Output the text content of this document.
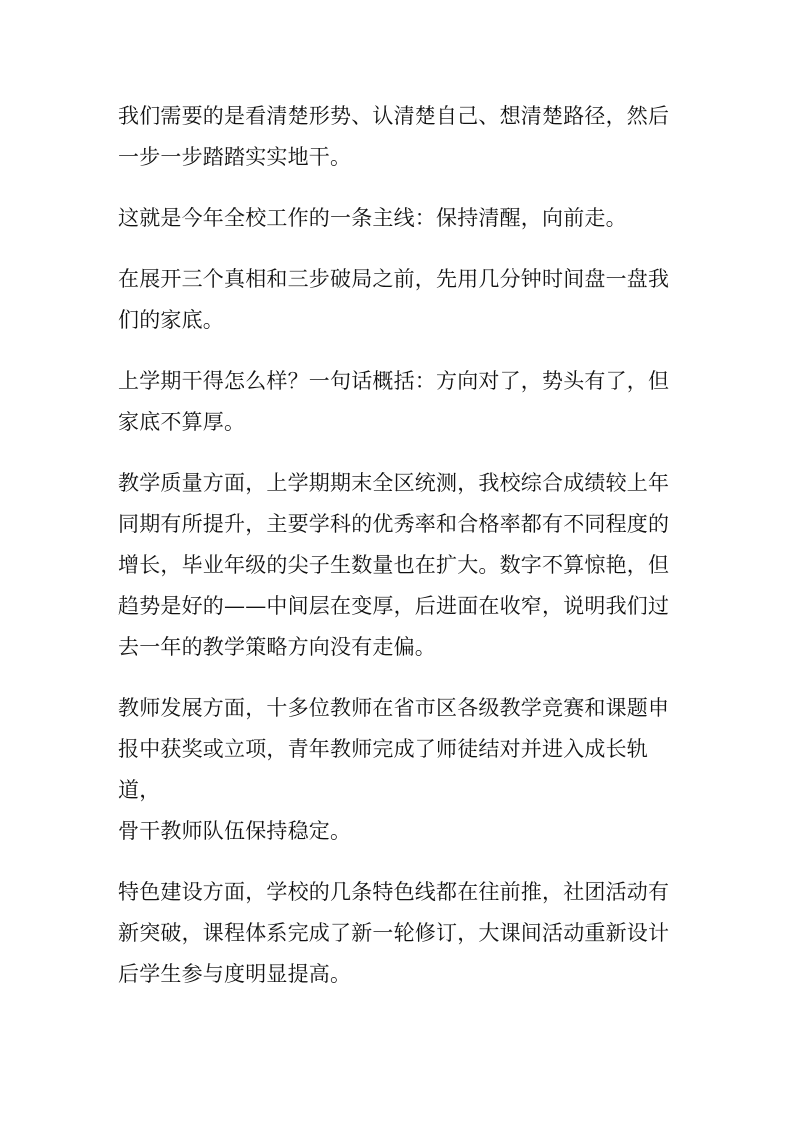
我们需要的是看清楚形势、认清楚自己、想清楚路径，然后
一步一步踏踏实实地干。

这就是今年全校工作的一条主线：保持清醒，向前走。

在展开三个真相和三步破局之前，先用几分钟时间盘一盘我
们的家底。

上学期干得怎么样？一句话概括：方向对了，势头有了，但
家底不算厚。

教学质量方面，上学期期末全区统测，我校综合成绩较上年
同期有所提升，主要学科的优秀率和合格率都有不同程度的
增长，毕业年级的尖子生数量也在扩大。数字不算惊艳，但
趋势是好的——中间层在变厚，后进面在收窄，说明我们过
去一年的教学策略方向没有走偏。

教师发展方面，十多位教师在省市区各级教学竞赛和课题申
报中获奖或立项，青年教师完成了师徒结对并进入成长轨道，
骨干教师队伍保持稳定。

特色建设方面，学校的几条特色线都在往前推，社团活动有
新突破，课程体系完成了新一轮修订，大课间活动重新设计
后学生参与度明显提高。
